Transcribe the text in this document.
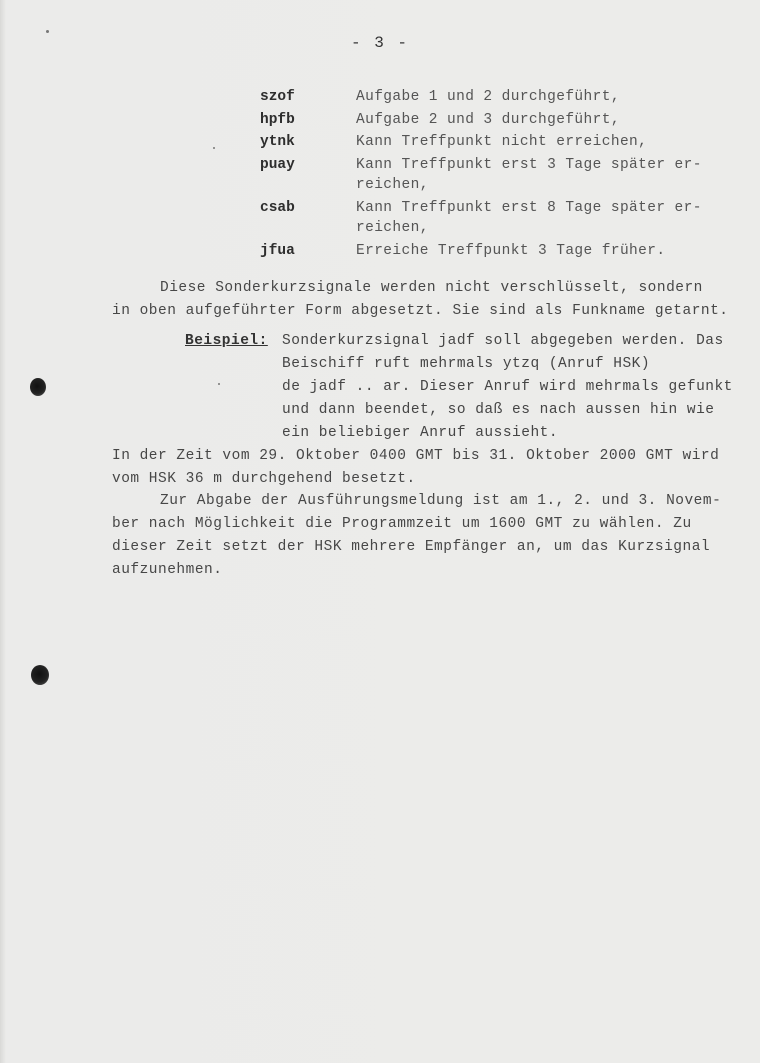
- 3 -
szof	Aufgabe 1 und 2 durchgeführt,
hpfb	Aufgabe 2 und 3 durchgeführt,
ytnk	Kann Treffpunkt nicht erreichen,
puay	Kann Treffpunkt erst 3 Tage später er-
reichen,
csab	Kann Treffpunkt erst 8 Tage später er-
reichen,
jfua	Erreiche Treffpunkt 3 Tage früher.
Diese Sonderkurzsignale werden nicht verschlüsselt, sondern
in oben aufgeführter Form abgesetzt. Sie sind als Funkname getarnt.
Beispiel: Sonderkurzsignal jadf soll abgegeben werden. Das
Beischiff ruft mehrmals ytzq (Anruf HSK)
de jadf .. ar. Dieser Anruf wird mehrmals gefunkt
und dann beendet, so daß es nach aussen hin wie
ein beliebiger Anruf aussieht.
In der Zeit vom 29. Oktober 0400 GMT bis 31. Oktober 2000 GMT wird
vom HSK 36 m durchgehend besetzt.
Zur Abgabe der Ausführungsmeldung ist am 1., 2. und 3. Novem-
ber nach Möglichkeit die Programmzeit um 1600 GMT zu wählen. Zu
dieser Zeit setzt der HSK mehrere Empfänger an, um das Kurzsignal
aufzunehmen.
